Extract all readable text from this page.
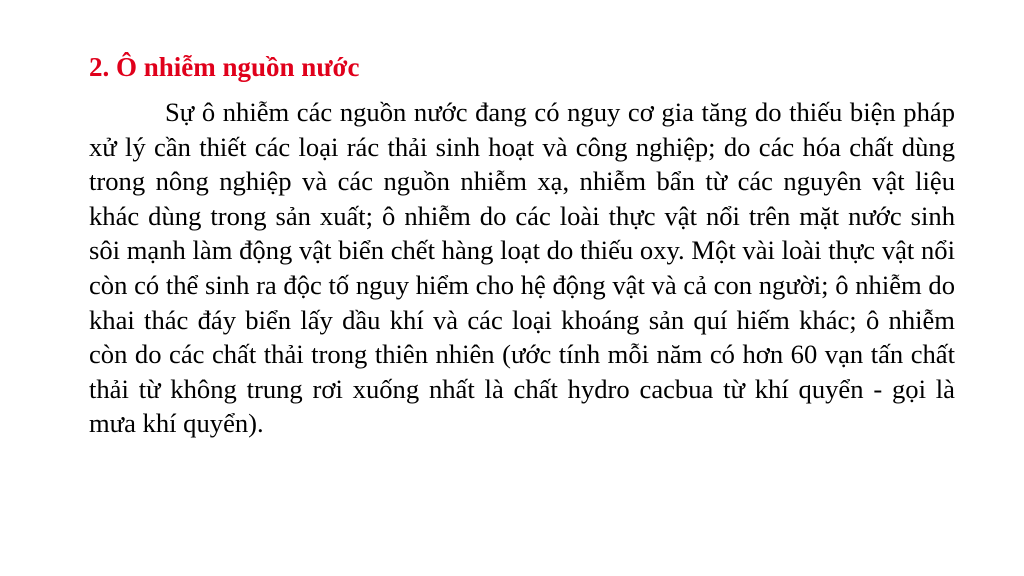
2. Ô nhiễm nguồn nước

Sự ô nhiễm các nguồn nước đang có nguy cơ gia tăng do thiếu biện pháp xử lý cần thiết các loại rác thải sinh hoạt và công nghiệp; do các hóa chất dùng trong nông nghiệp và các nguồn nhiễm xạ, nhiễm bẩn từ các nguyên vật liệu khác dùng trong sản xuất; ô nhiễm do các loài thực vật nổi trên mặt nước sinh sôi mạnh làm động vật biển chết hàng loạt do thiếu oxy. Một vài loài thực vật nổi còn có thể sinh ra độc tố nguy hiểm cho hệ động vật và cả con người; ô nhiễm do khai thác đáy biển lấy dầu khí và các loại khoáng sản quí hiếm khác; ô nhiễm còn do các chất thải trong thiên nhiên (ước tính mỗi năm có hơn 60 vạn tấn chất thải từ không trung rơi xuống nhất là chất hydro cacbua từ khí quyển - gọi là mưa khí quyển).
